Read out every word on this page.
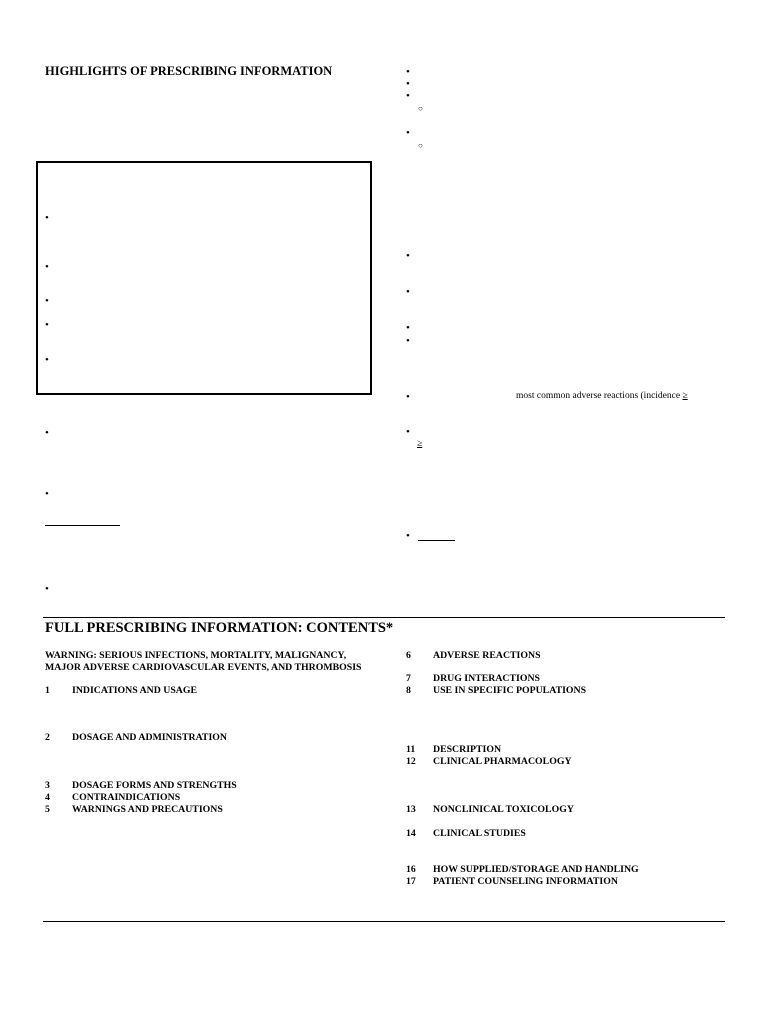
HIGHLIGHTS OF PRESCRIBING INFORMATION
•
•
•
•
•
•
•
•
•
•
•
○
•
○
•
•
•
•
•	most common adverse reactions (incidence ≥
•
≥
•
FULL PRESCRIBING INFORMATION: CONTENTS*
WARNING: SERIOUS INFECTIONS, MORTALITY, MALIGNANCY, MAJOR ADVERSE CARDIOVASCULAR EVENTS, AND THROMBOSIS
1 INDICATIONS AND USAGE
2 DOSAGE AND ADMINISTRATION
3 DOSAGE FORMS AND STRENGTHS
4 CONTRAINDICATIONS
5 WARNINGS AND PRECAUTIONS
6 ADVERSE REACTIONS
7 DRUG INTERACTIONS
8 USE IN SPECIFIC POPULATIONS
11 DESCRIPTION
12 CLINICAL PHARMACOLOGY
13 NONCLINICAL TOXICOLOGY
14 CLINICAL STUDIES
16 HOW SUPPLIED/STORAGE AND HANDLING
17 PATIENT COUNSELING INFORMATION
